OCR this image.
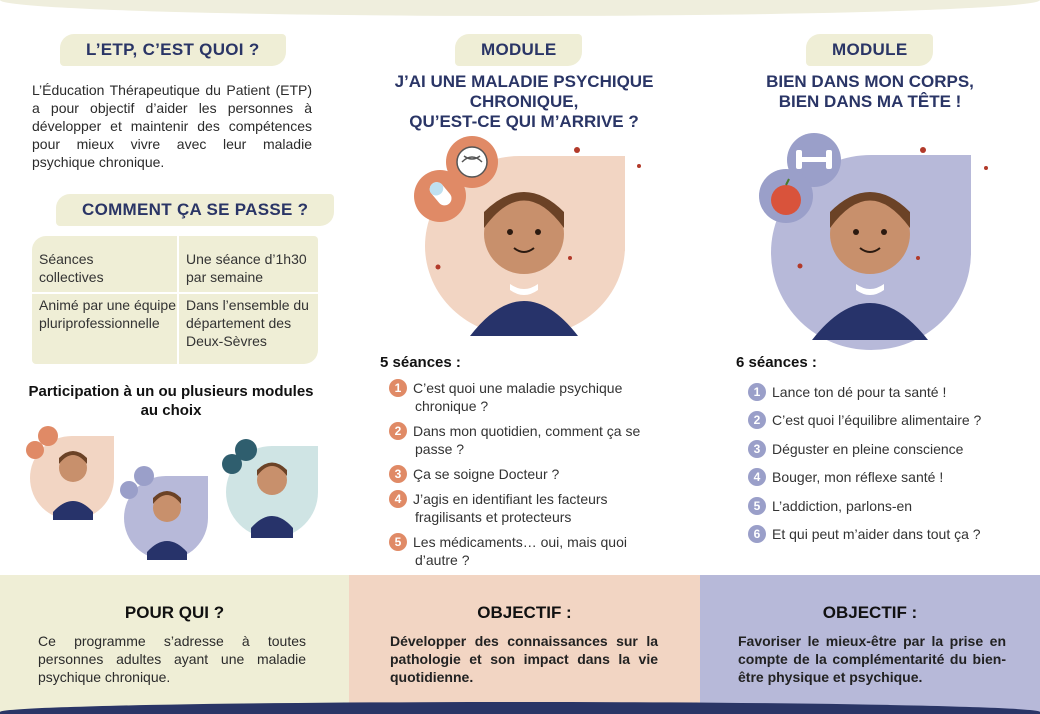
L’ETP, C’EST QUOI ?

L’Éducation Thérapeutique du Patient (ETP) a pour objectif d’aider les personnes à développer et maintenir des compétences pour mieux vivre avec leur maladie psychique chronique.

COMMENT ÇA SE PASSE ?
Séances collectives
Une séance d’1h30 par semaine
Animé par une équipe pluriprofessionnelle
Dans l’ensemble du département des Deux-Sèvres
Participation à un ou plusieurs modules au choix
MODULE
J’AI UNE MALADIE PSYCHIQUE
CHRONIQUE,
QU’EST-CE QUI M’ARRIVE ?
5 séances :
1 C’est quoi une maladie psychique
chronique ?
2 Dans mon quotidien, comment ça se
passe ?
3 Ça se soigne Docteur ?
4 J’agis en identifiant les facteurs
fragilisants et protecteurs
5 Les médicaments… oui, mais quoi
d’autre ?
MODULE
BIEN DANS MON CORPS,
BIEN DANS MA TÊTE !
6 séances :
1 Lance ton dé pour ta santé !
2 C’est quoi l’équilibre alimentaire ?
3 Déguster en pleine conscience
4 Bouger, mon réflexe santé !
5 L’addiction, parlons-en
6 Et qui peut m’aider dans tout ça ?
POUR QUI ?

Ce programme s’adresse à toutes personnes adultes ayant une maladie psychique chronique.

OBJECTIF :

Développer des connaissances sur la pathologie et son impact dans la vie quotidienne.

OBJECTIF :

Favoriser le mieux-être par la prise en compte de la complémentarité du bien-être physique et psychique.
